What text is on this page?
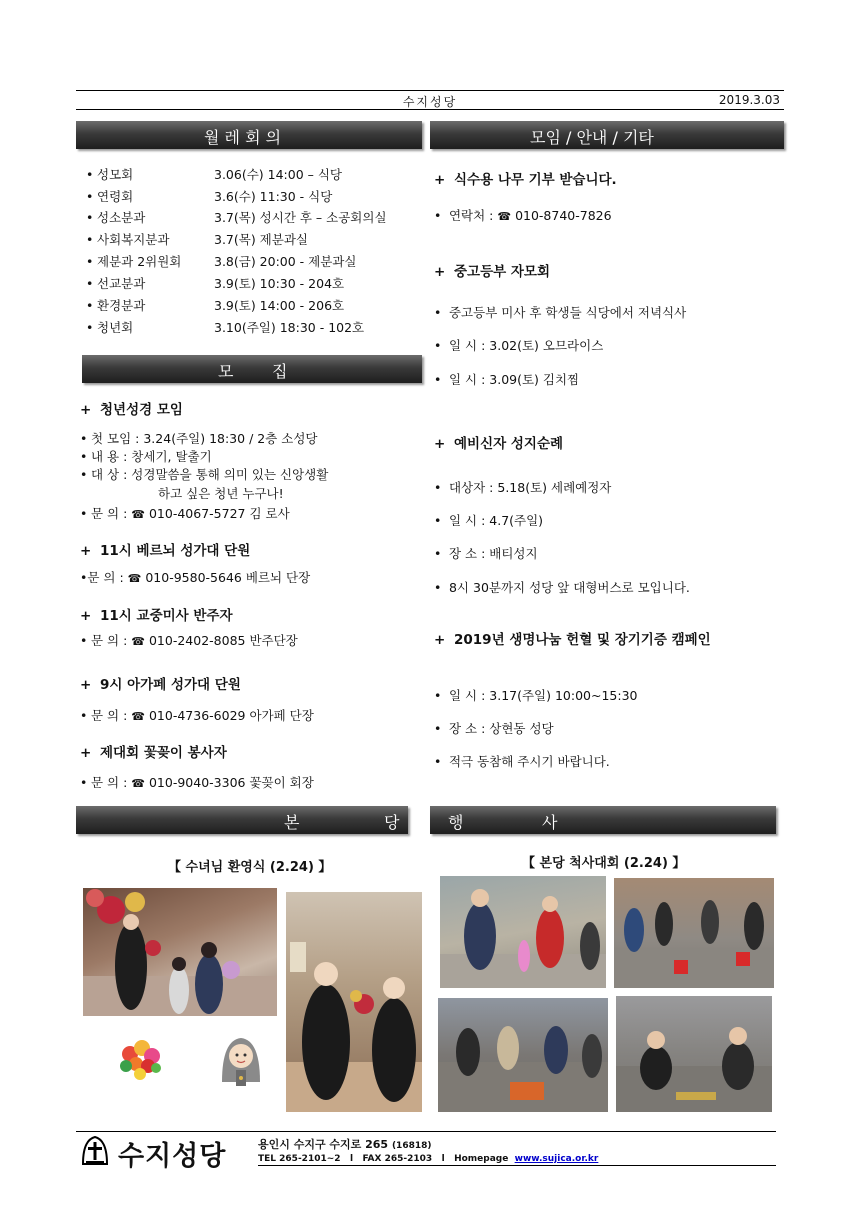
수지성당	2019.3.03
월 레 회 의	모임 / 안내 / 기타
모 집
본	당	행	사
• 성모회	3.06(수) 14:00 – 식당
• 연령회	3.6(수) 11:30 - 식당
• 성소분과	3.7(목) 성시간 후 – 소공회의실
• 사회복지분과	3.7(목) 제분과실
• 제분과 2위원회	3.8(금) 20:00 - 제분과실
• 선교분과	3.9(토) 10:30 - 204호
• 환경분과	3.9(토) 14:00 - 206호
• 청년회	3.10(주일) 18:30 - 102호
+ 청년성경 모임
• 첫 모임 : 3.24(주일) 18:30 / 2층 소성당
• 내 용 : 창세기, 탈출기
• 대 상 : 성경말씀을 통해 의미 있는 신앙생활
하고 싶은 청년 누구나!
• 문 의 : ☎ 010-4067-5727 김 로사
+ 11시 베르뇌 성가대 단원
•문 의 : ☎ 010-9580-5646 베르뇌 단장
+ 11시 교중미사 반주자
• 문 의 : ☎ 010-2402-8085 반주단장
+ 9시 아가페 성가대 단원
• 문 의 : ☎ 010-4736-6029 아가페 단장
+ 제대회 꽃꽂이 봉사자
• 문 의 : ☎ 010-9040-3306 꽃꽂이 회장
+ 식수용 나무 기부 받습니다.
• 연락처 : ☎ 010-8740-7826
+ 중고등부 자모회
• 중고등부 미사 후 학생들 식당에서 저녁식사
• 일 시 : 3.02(토) 오므라이스
• 일 시 : 3.09(토) 김치찜
+ 예비신자 성지순례
• 대상자 : 5.18(토) 세례예정자
• 일 시 : 4.7(주일)
• 장 소 : 배티성지
• 8시 30분까지 성당 앞 대형버스로 모입니다.
+ 2019년 생명나눔 헌혈 및 장기기증 캠페인
• 일 시 : 3.17(주일) 10:00~15:30
• 장 소 : 상현동 성당
• 적극 동참해 주시기 바랍니다.
【 수녀님 환영식 (2.24) 】	【 본당 척사대회 (2.24) 】
수지성당	용인시 수지구 수지로 265 (16818)
TEL 265-2101~2 l FAX 265-2103 l Homepage www.sujica.or.kr
